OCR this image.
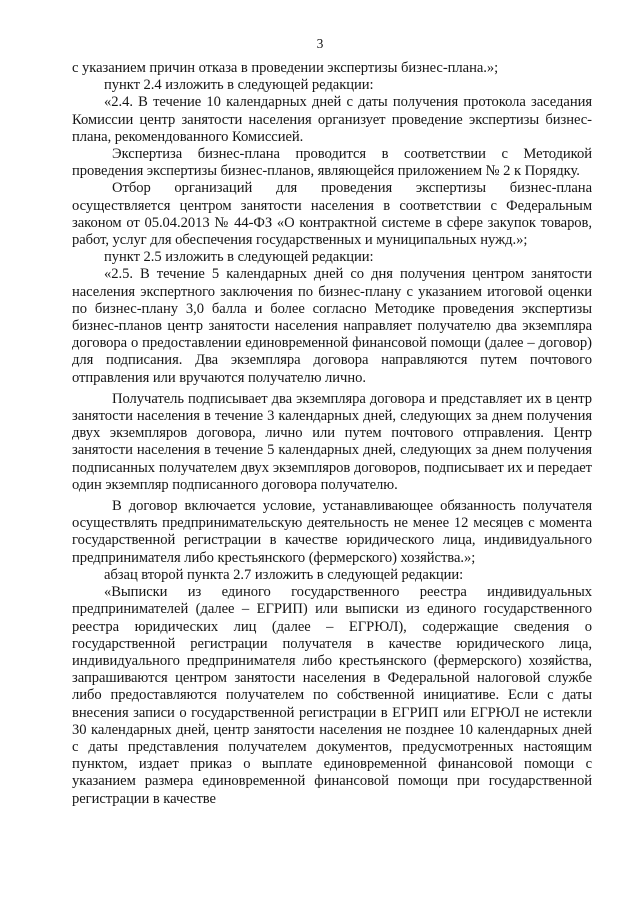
3

с указанием причин отказа в проведении экспертизы бизнес-плана.»;

пункт 2.4 изложить в следующей редакции:

«2.4. В течение 10 календарных дней с даты получения протокола заседания Комиссии центр занятости населения организует проведение экспертизы бизнес-плана, рекомендованного Комиссией.

Экспертиза бизнес-плана проводится в соответствии с Методикой проведения экспертизы бизнес-планов, являющейся приложением № 2 к Порядку.

Отбор организаций для проведения экспертизы бизнес-плана осуществляется центром занятости населения в соответствии с Федеральным законом от 05.04.2013 № 44-ФЗ «О контрактной системе в сфере закупок товаров, работ, услуг для обеспечения государственных и муниципальных нужд.»;

пункт 2.5 изложить в следующей редакции:

«2.5. В течение 5 календарных дней со дня получения центром занятости населения экспертного заключения по бизнес-плану с указанием итоговой оценки по бизнес-плану 3,0 балла и более согласно Методике проведения экспертизы бизнес-планов центр занятости населения направляет получателю два экземпляра договора о предоставлении единовременной финансовой помощи (далее – договор) для подписания. Два экземпляра договора направляются путем почтового отправления или вручаются получателю лично.

Получатель подписывает два экземпляра договора и представляет их в центр занятости населения в течение 3 календарных дней, следующих за днем получения двух экземпляров договора, лично или путем почтового отправления. Центр занятости населения в течение 5 календарных дней, следующих за днем получения подписанных получателем двух экземпляров договоров, подписывает их и передает один экземпляр подписанного договора получателю.

В договор включается условие, устанавливающее обязанность получателя осуществлять предпринимательскую деятельность не менее 12 месяцев с момента государственной регистрации в качестве юридического лица, индивидуального предпринимателя либо крестьянского (фермерского) хозяйства.»;

абзац второй пункта 2.7 изложить в следующей редакции:

«Выписки из единого государственного реестра индивидуальных предпринимателей (далее – ЕГРИП) или выписки из единого государственного реестра юридических лиц (далее – ЕГРЮЛ), содержащие сведения о государственной регистрации получателя в качестве юридического лица, индивидуального предпринимателя либо крестьянского (фермерского) хозяйства, запрашиваются центром занятости населения в Федеральной налоговой службе либо предоставляются получателем по собственной инициативе. Если с даты внесения записи о государственной регистрации в ЕГРИП или ЕГРЮЛ не истекли 30 календарных дней, центр занятости населения не позднее 10 календарных дней с даты представления получателем документов, предусмотренных настоящим пунктом, издает приказ о выплате единовременной финансовой помощи с указанием размера единовременной финансовой помощи при государственной регистрации в качестве
